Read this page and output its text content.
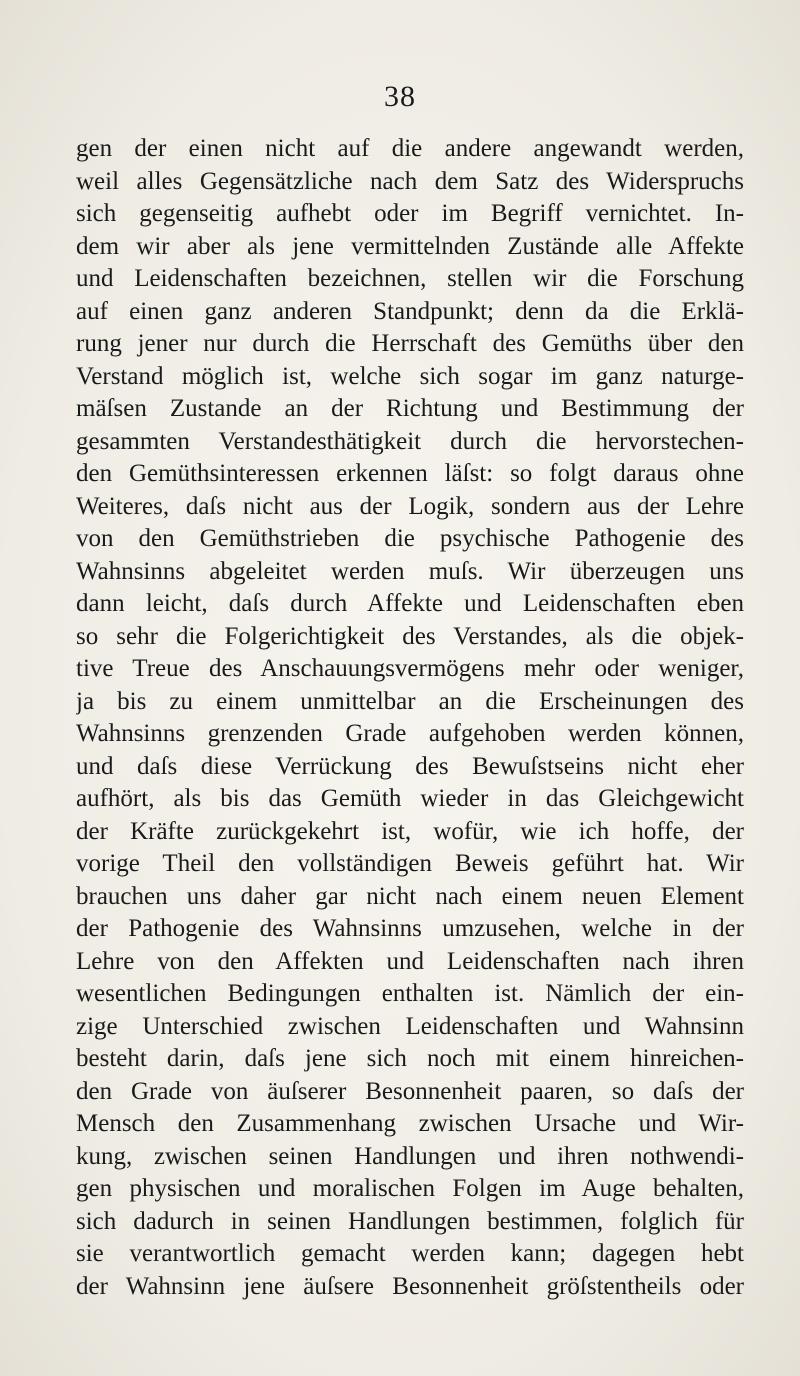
38
gen der einen nicht auf die andere angewandt werden,
weil alles Gegensätzliche nach dem Satz des Widerspruchs
sich gegenseitig aufhebt oder im Begriff vernichtet. In-
dem wir aber als jene vermittelnden Zustände alle Affekte
und Leidenschaften bezeichnen, stellen wir die Forschung
auf einen ganz anderen Standpunkt; denn da die Erklä-
rung jener nur durch die Herrschaft des Gemüths über den
Verstand möglich ist, welche sich sogar im ganz naturge-
mäſsen Zustande an der Richtung und Bestimmung der
gesammten Verstandesthätigkeit durch die hervorstechen-
den Gemüthsinteressen erkennen läſst: so folgt daraus ohne
Weiteres, daſs nicht aus der Logik, sondern aus der Lehre
von den Gemüthstrieben die psychische Pathogenie des
Wahnsinns abgeleitet werden muſs. Wir überzeugen uns
dann leicht, daſs durch Affekte und Leidenschaften eben
so sehr die Folgerichtigkeit des Verstandes, als die objek-
tive Treue des Anschauungsvermögens mehr oder weniger,
ja bis zu einem unmittelbar an die Erscheinungen des
Wahnsinns grenzenden Grade aufgehoben werden können,
und daſs diese Verrückung des Bewuſstseins nicht eher
aufhört, als bis das Gemüth wieder in das Gleichgewicht
der Kräfte zurückgekehrt ist, wofür, wie ich hoffe, der
vorige Theil den vollständigen Beweis geführt hat. Wir
brauchen uns daher gar nicht nach einem neuen Element
der Pathogenie des Wahnsinns umzusehen, welche in der
Lehre von den Affekten und Leidenschaften nach ihren
wesentlichen Bedingungen enthalten ist. Nämlich der ein-
zige Unterschied zwischen Leidenschaften und Wahnsinn
besteht darin, daſs jene sich noch mit einem hinreichen-
den Grade von äuſserer Besonnenheit paaren, so daſs der
Mensch den Zusammenhang zwischen Ursache und Wir-
kung, zwischen seinen Handlungen und ihren nothwendi-
gen physischen und moralischen Folgen im Auge behalten,
sich dadurch in seinen Handlungen bestimmen, folglich für
sie verantwortlich gemacht werden kann; dagegen hebt
der Wahnsinn jene äuſsere Besonnenheit gröſstentheils oder
